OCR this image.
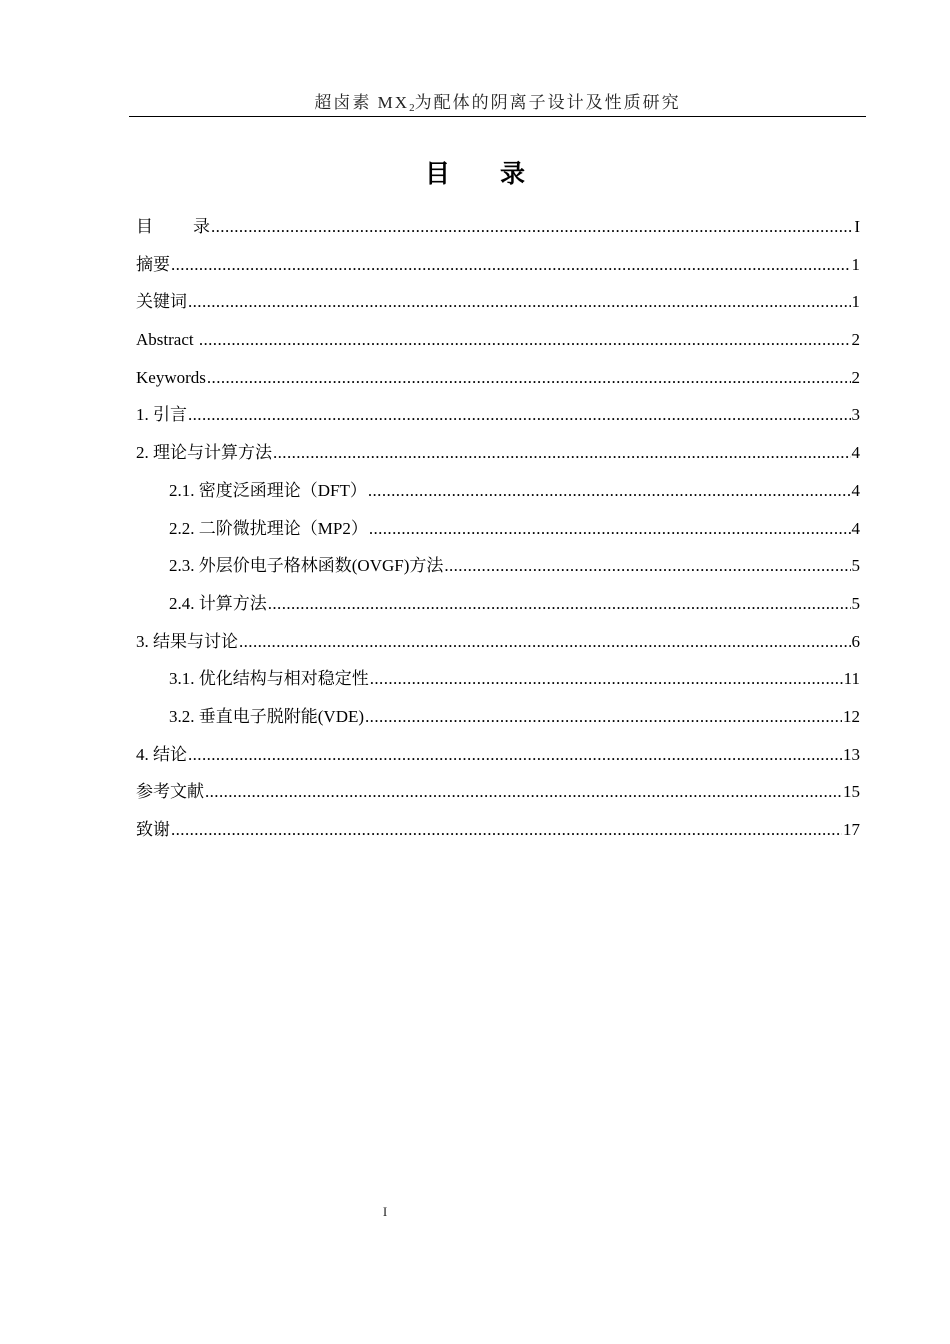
超卤素 $MX_2$为配体的阴离子设计及性质研究
目 录
目 录 .....	I
摘要 .....	1
关键词 .....	1
Abstract .....	2
Keywords .....	2
1. 引言 .....	3
2. 理论与计算方法 .....	4
2.1. 密度泛函理论（DFT） .....	4
2.2. 二阶微扰理论（MP2） .....	4
2.3. 外层价电子格林函数(OVGF)方法 .....	5
2.4. 计算方法 .....	5
3. 结果与讨论 .....	6
3.1. 优化结构与相对稳定性 .....	11
3.2. 垂直电子脱附能(VDE) .....	12
4. 结论 .....	13
参考文献 .....	15
致谢 .....	17
I
